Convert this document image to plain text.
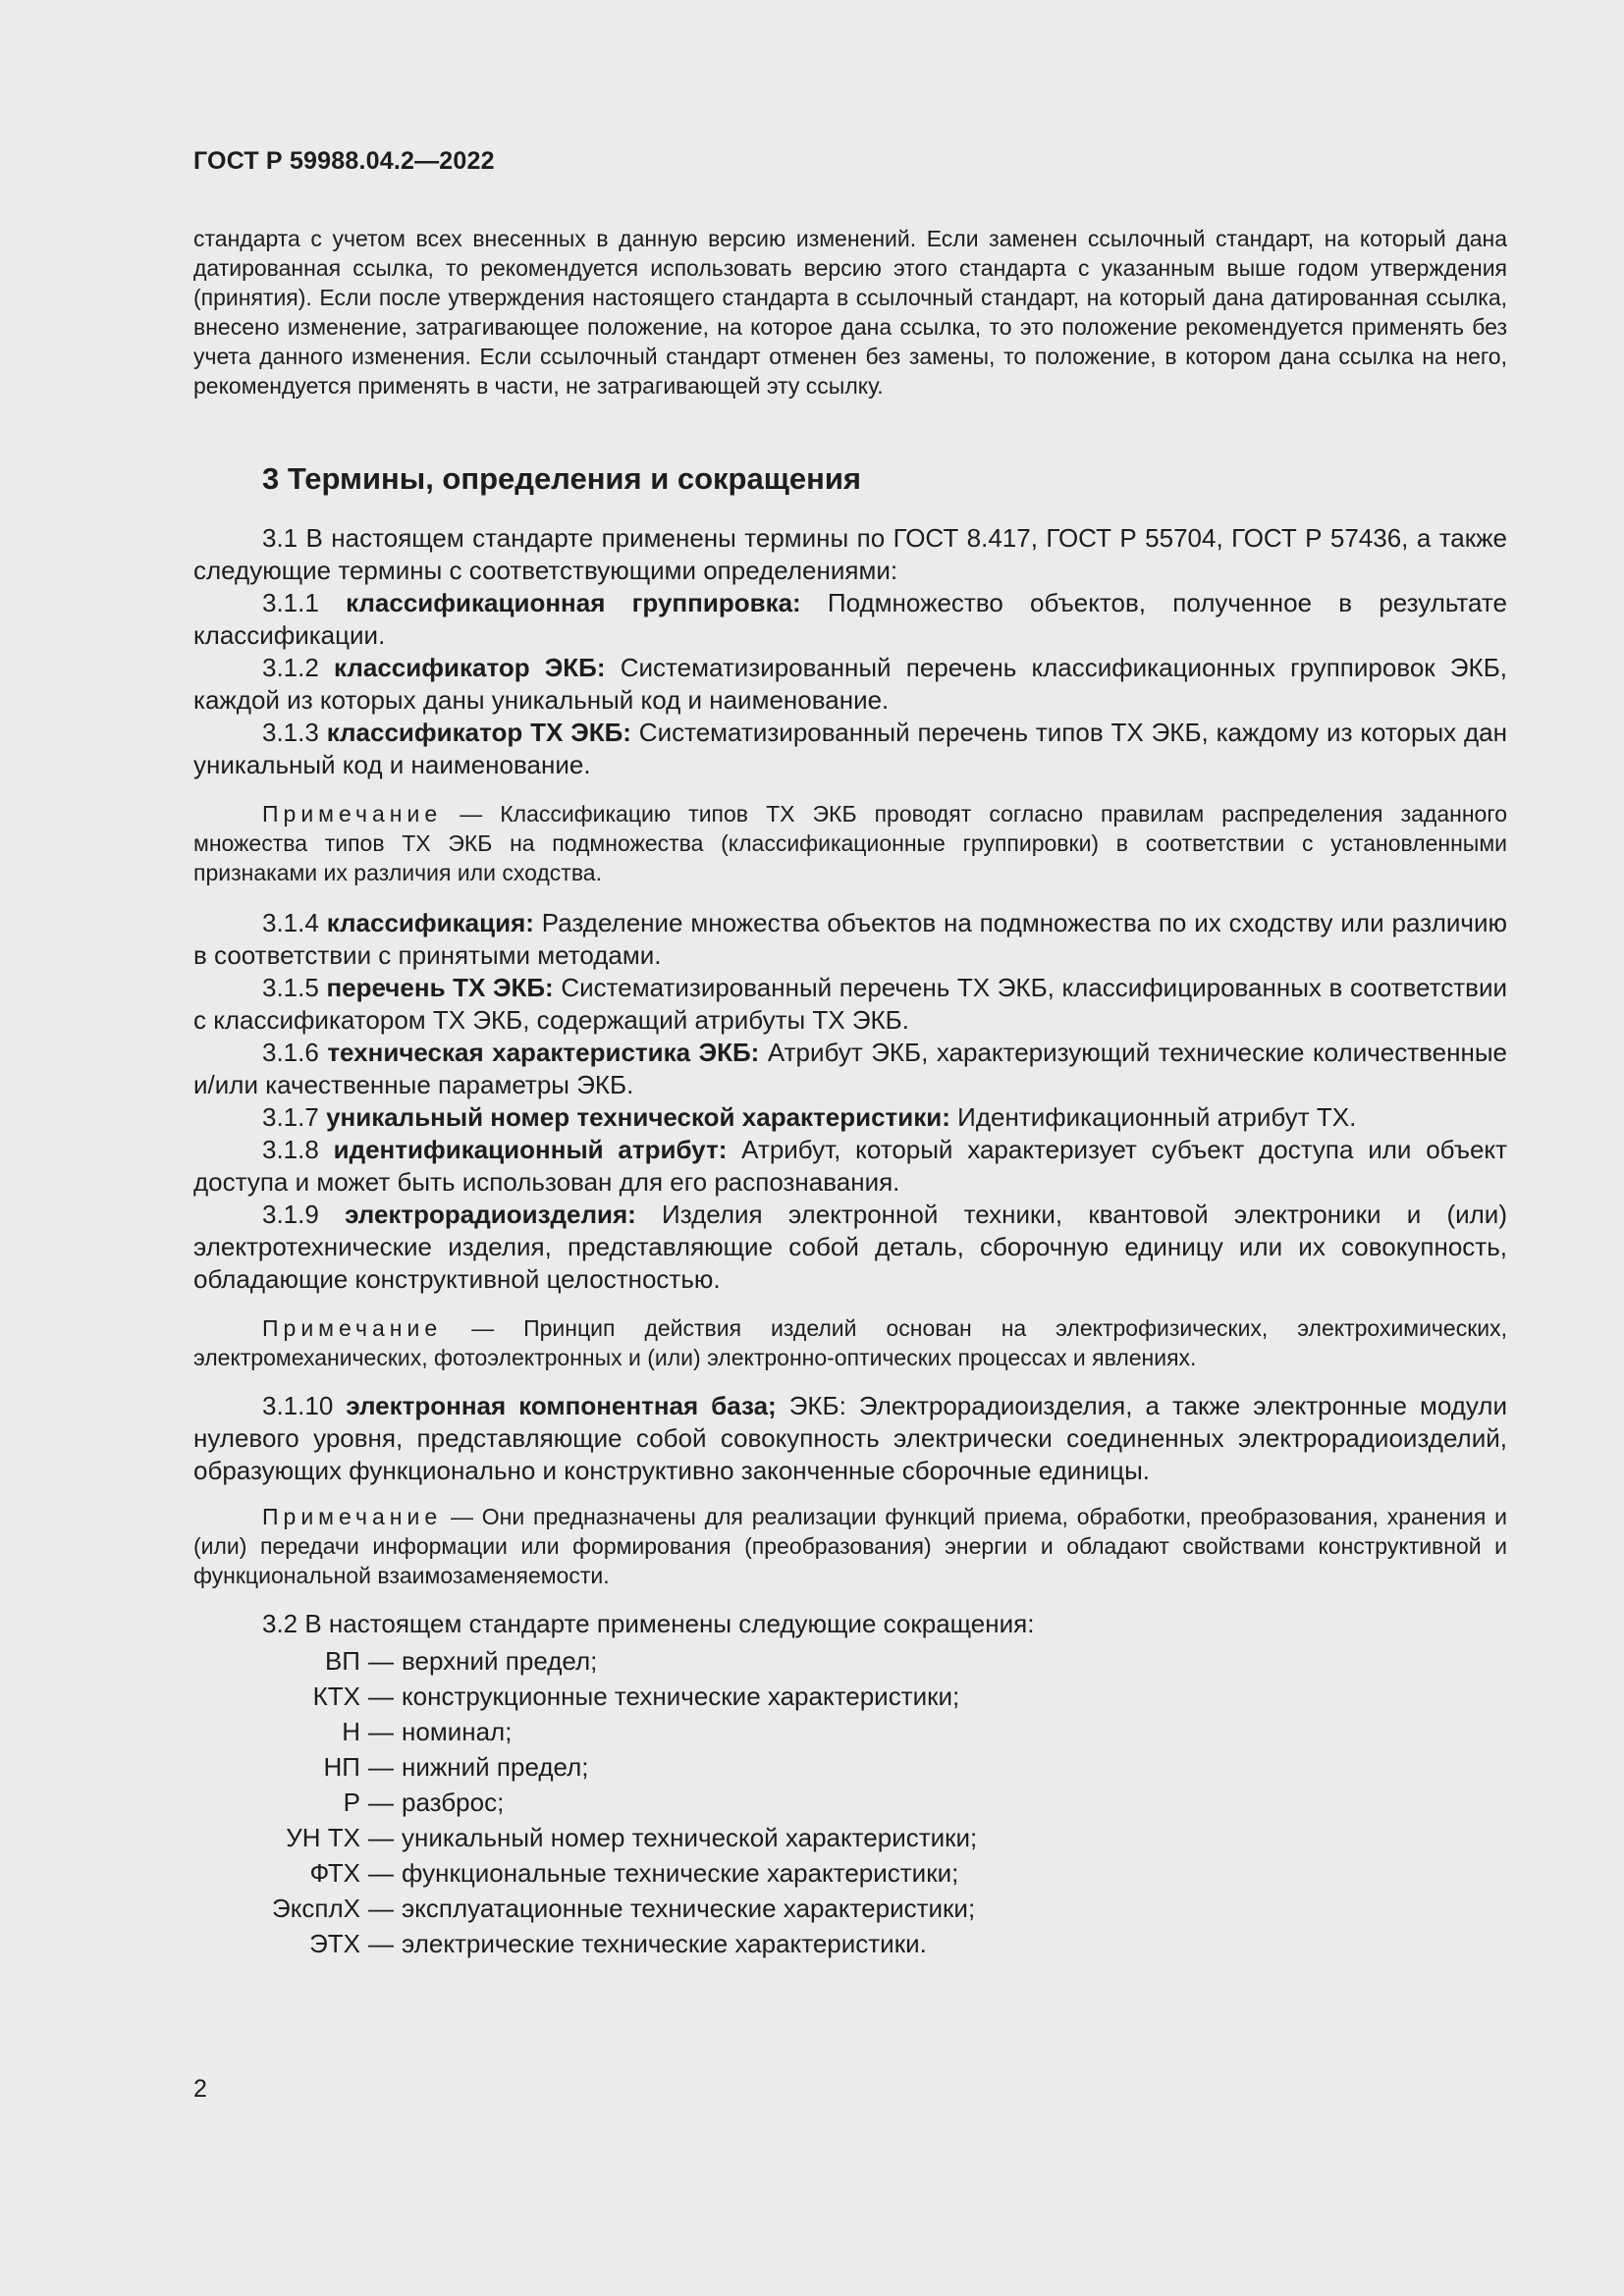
ГОСТ Р 59988.04.2—2022

стандарта с учетом всех внесенных в данную версию изменений. Если заменен ссылочный стандарт, на который дана датированная ссылка, то рекомендуется использовать версию этого стандарта с указанным выше годом утверждения (принятия). Если после утверждения настоящего стандарта в ссылочный стандарт, на который дана датированная ссылка, внесено изменение, затрагивающее положение, на которое дана ссылка, то это положение рекомендуется применять без учета данного изменения. Если ссылочный стандарт отменен без замены, то положение, в котором дана ссылка на него, рекомендуется применять в части, не затрагивающей эту ссылку.

3 Термины, определения и сокращения

3.1 В настоящем стандарте применены термины по ГОСТ 8.417, ГОСТ Р 55704, ГОСТ Р 57436, а также следующие термины с соответствующими определениями:

3.1.1 классификационная группировка: Подмножество объектов, полученное в результате классификации.

3.1.2 классификатор ЭКБ: Систематизированный перечень классификационных группировок ЭКБ, каждой из которых даны уникальный код и наименование.

3.1.3 классификатор ТХ ЭКБ: Систематизированный перечень типов ТХ ЭКБ, каждому из которых дан уникальный код и наименование.

Примечание — Классификацию типов ТХ ЭКБ проводят согласно правилам распределения заданного множества типов ТХ ЭКБ на подмножества (классификационные группировки) в соответствии с установленными признаками их различия или сходства.

3.1.4 классификация: Разделение множества объектов на подмножества по их сходству или различию в соответствии с принятыми методами.

3.1.5 перечень ТХ ЭКБ: Систематизированный перечень ТХ ЭКБ, классифицированных в соответствии с классификатором ТХ ЭКБ, содержащий атрибуты ТХ ЭКБ.

3.1.6 техническая характеристика ЭКБ: Атрибут ЭКБ, характеризующий технические количественные и/или качественные параметры ЭКБ.

3.1.7 уникальный номер технической характеристики: Идентификационный атрибут ТХ.

3.1.8 идентификационный атрибут: Атрибут, который характеризует субъект доступа или объект доступа и может быть использован для его распознавания.

3.1.9 электрорадиоизделия: Изделия электронной техники, квантовой электроники и (или) электротехнические изделия, представляющие собой деталь, сборочную единицу или их совокупность, обладающие конструктивной целостностью.

Примечание — Принцип действия изделий основан на электрофизических, электрохимических, электромеханических, фотоэлектронных и (или) электронно-оптических процессах и явлениях.

3.1.10 электронная компонентная база; ЭКБ: Электрорадиоизделия, а также электронные модули нулевого уровня, представляющие собой совокупность электрически соединенных электрорадиоизделий, образующих функционально и конструктивно законченные сборочные единицы.

Примечание — Они предназначены для реализации функций приема, обработки, преобразования, хранения и (или) передачи информации или формирования (преобразования) энергии и обладают свойствами конструктивной и функциональной взаимозаменяемости.

3.2 В настоящем стандарте применены следующие сокращения:

ВП — верхний предел;
КТХ — конструкционные технические характеристики;
Н — номинал;
НП — нижний предел;
Р — разброс;
УН ТХ — уникальный номер технической характеристики;
ФТХ — функциональные технические характеристики;
ЭксплХ — эксплуатационные технические характеристики;
ЭТХ — электрические технические характеристики.
2
